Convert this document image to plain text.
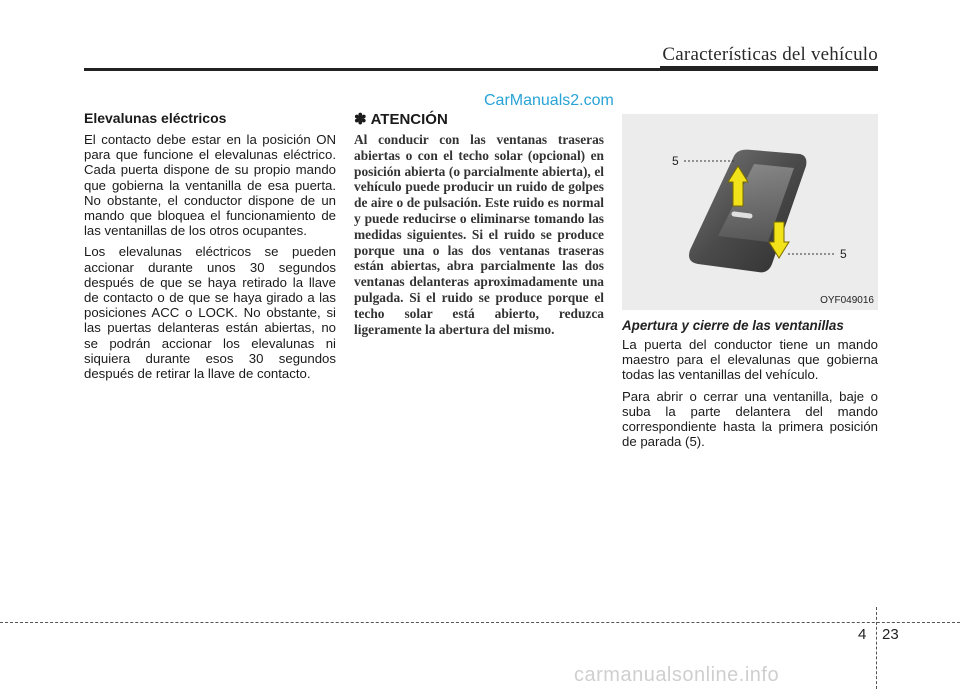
Características del vehículo
CarManuals2.com
Elevalunas eléctricos

El contacto debe estar en la posición ON para que funcione el elevalunas eléctrico. Cada puerta dispone de su propio mando que gobierna la ventanilla de esa puerta. No obstante, el conductor dispone de un mando que bloquea el funcionamiento de las ventanillas de los otros ocupantes.

Los elevalunas eléctricos se pueden accionar durante unos 30 segundos después de que se haya retirado la llave de contacto o de que se haya girado a las posiciones ACC o LOCK. No obstante, si las puertas delanteras están abiertas, no se podrán accionar los elevalunas ni siquiera durante esos 30 segundos después de retirar la llave de contacto.

✽ ATENCIÓN

Al conducir con las ventanas traseras abiertas o con el techo solar (opcional) en posición abierta (o parcialmente abierta), el vehículo puede producir un ruido de golpes de aire o de pulsación. Este ruido es normal y puede reducirse o eliminarse tomando las medidas siguientes. Si el ruido se produce porque una o las dos ventanas traseras están abiertas, abra parcialmente las dos ventanas delanteras aproximadamente una pulgada. Si el ruido se produce porque el techo solar está abierto, reduzca ligeramente la abertura del mismo.

5
5
OYF049016
Apertura y cierre de las ventanillas

La puerta del conductor tiene un mando maestro para el elevalunas que gobierna todas las ventanillas del vehículo.

Para abrir o cerrar una ventanilla, baje o suba la parte delantera del mando correspondiente hasta la primera posición de parada (5).

4 23
carmanualsonline.info
